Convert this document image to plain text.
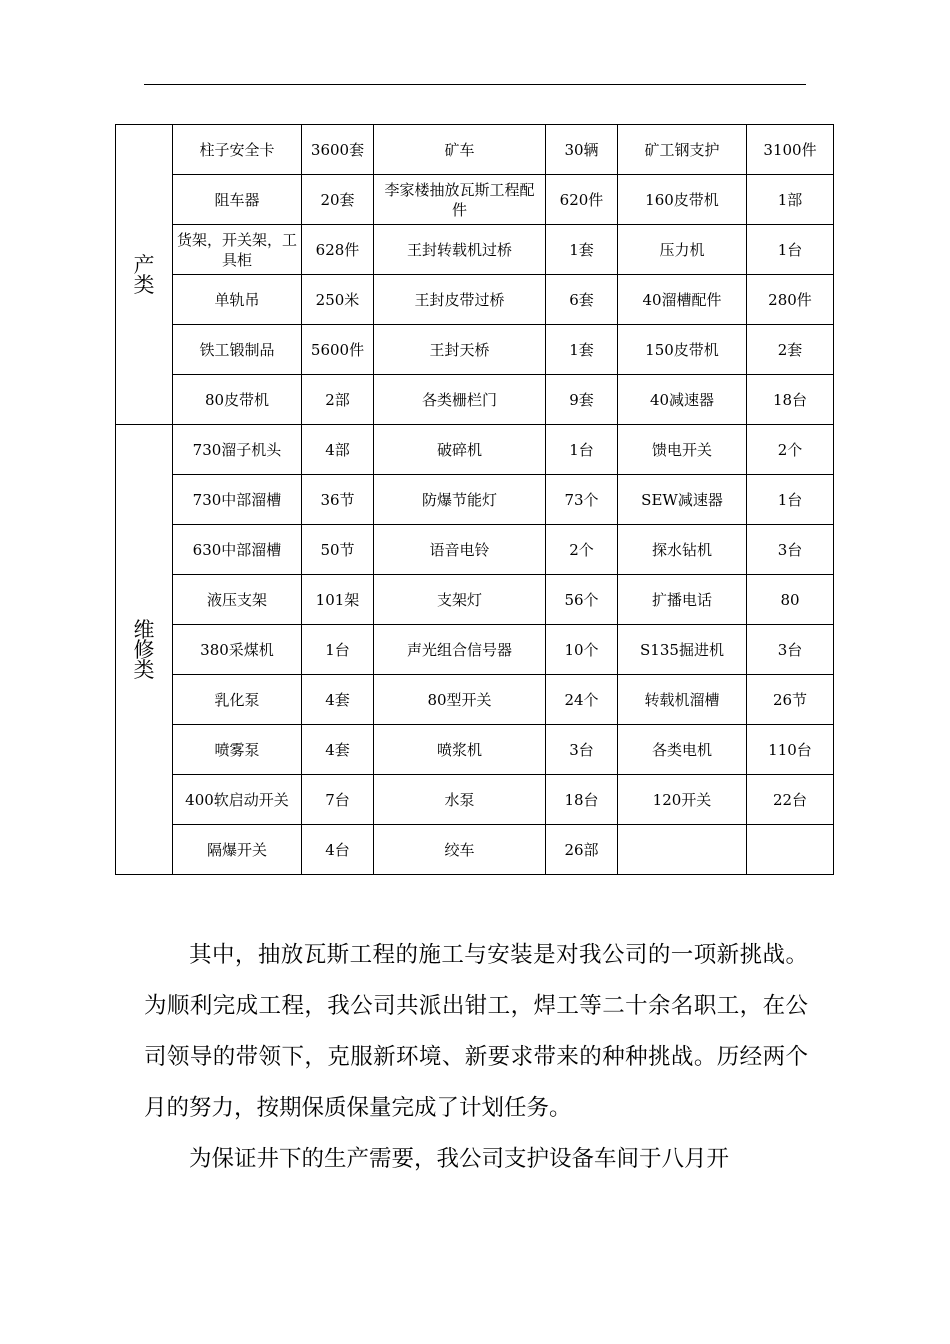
产类	柱子安全卡	3600套	矿车	30辆	矿工钢支护	3100件
	阻车器	20套	李家楼抽放瓦斯工程配件	620件	160皮带机	1部
	货架，开关架，工具柜	628件	王封转载机过桥	1套	压力机	1台
	单轨吊	250米	王封皮带过桥	6套	40溜槽配件	280件
	铁工锻制品	5600件	王封天桥	1套	150皮带机	2套
	80皮带机	2部	各类栅栏门	9套	40减速器	18台
维修类	730溜子机头	4部	破碎机	1台	馈电开关	2个
	730中部溜槽	36节	防爆节能灯	73个	SEW减速器	1台
	630中部溜槽	50节	语音电铃	2个	探水钻机	3台
	液压支架	101架	支架灯	56个	扩播电话	80
	380采煤机	1台	声光组合信号器	10个	S135掘进机	3台
	乳化泵	4套	80型开关	24个	转载机溜槽	26节
	喷雾泵	4套	喷浆机	3台	各类电机	110台
	400软启动开关	7台	水泵	18台	120开关	22台
	隔爆开关	4台	绞车	26部		

其中，抽放瓦斯工程的施工与安装是对我公司的一项新挑战。为顺利完成工程，我公司共派出钳工，焊工等二十余名职工，在公司领导的带领下，克服新环境、新要求带来的种种挑战。历经两个月的努力，按期保质保量完成了计划任务。

为保证井下的生产需要，我公司支护设备车间于八月开
